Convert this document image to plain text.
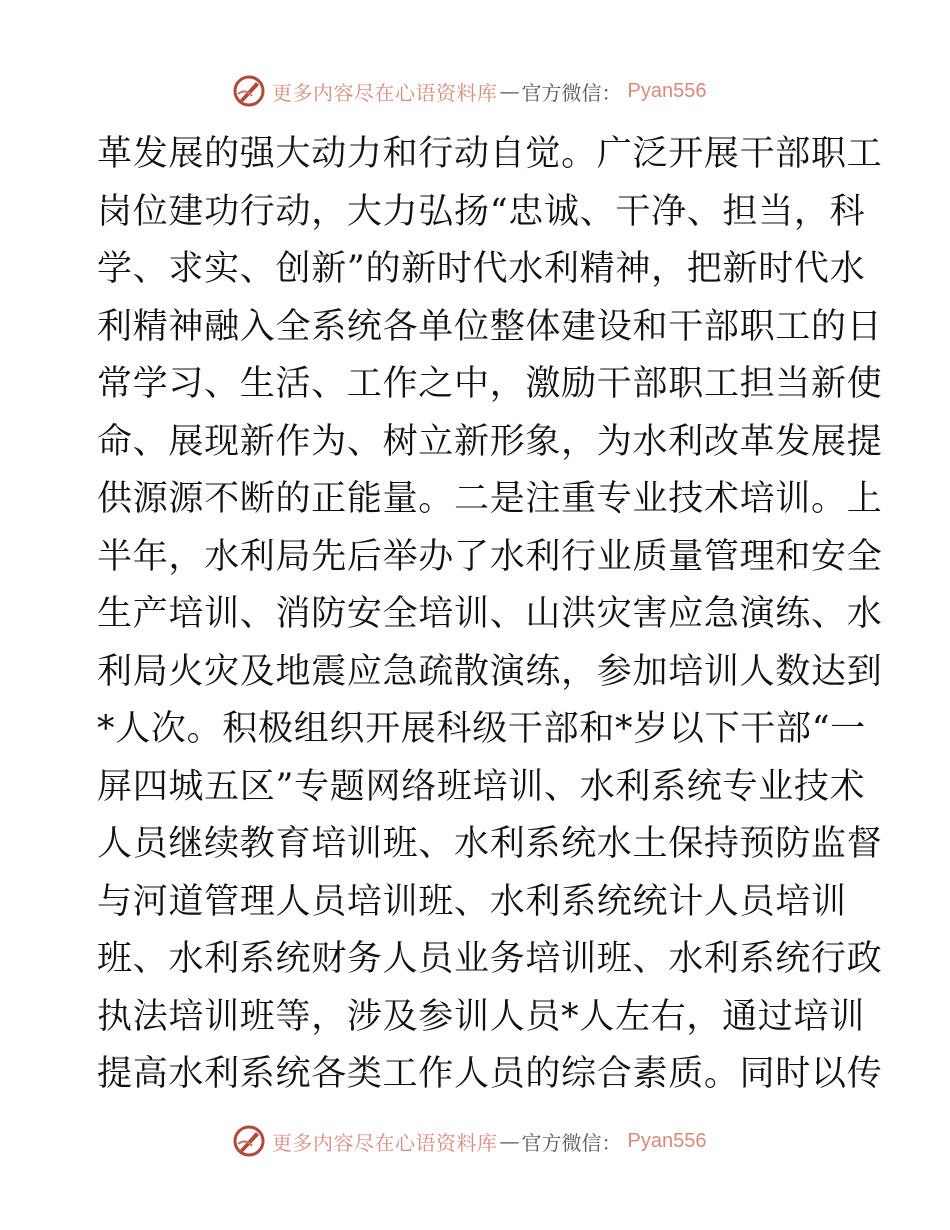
更多内容尽在心语资料库 — 官方微信： Pyan556
革发展的强大动力和行动自觉。广泛开展干部职工
岗位建功行动，大力弘扬“忠诚、干净、担当，科
学、求实、创新”的新时代水利精神，把新时代水
利精神融入全系统各单位整体建设和干部职工的日
常学习、生活、工作之中，激励干部职工担当新使
命、展现新作为、树立新形象，为水利改革发展提
供源源不断的正能量。二是注重专业技术培训。上
半年，水利局先后举办了水利行业质量管理和安全
生产培训、消防安全培训、山洪灾害应急演练、水
利局火灾及地震应急疏散演练，参加培训人数达到
*人次。积极组织开展科级干部和*岁以下干部“一
屏四城五区”专题网络班培训、水利系统专业技术
人员继续教育培训班、水利系统水土保持预防监督
与河道管理人员培训班、水利系统统计人员培训
班、水利系统财务人员业务培训班、水利系统行政
执法培训班等，涉及参训人员*人左右，通过培训
提高水利系统各类工作人员的综合素质。同时以传
更多内容尽在心语资料库 — 官方微信： Pyan556
